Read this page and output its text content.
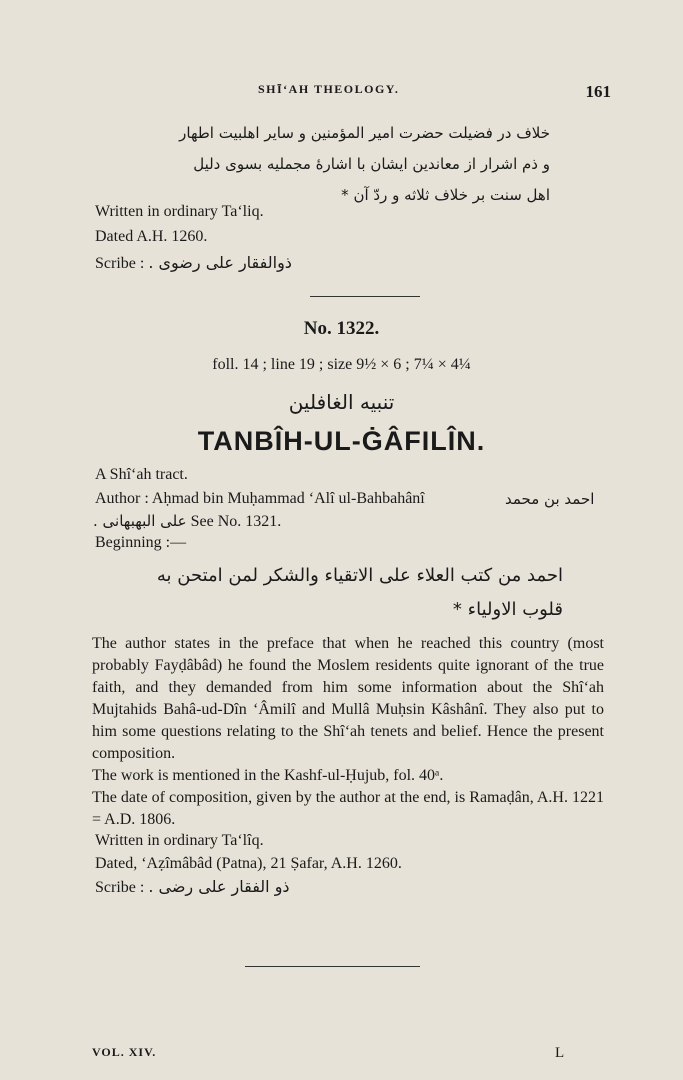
SHĪ‘AH THEOLOGY.	161
خلاف در فضیلت حضرت امیر المؤمنین و سایر اهلبیت اطهار
و ذم اشرار از معاندین ایشان با اشارهٔ مجملیه بسوی دلیل
اهل سنت بر خلاف ثلاثه و ردّ آن *
Written in ordinary Ta‘liq.
Dated A.H. 1260.
Scribe : ذوالفقار علی رضوی .
No. 1322.
foll. 14 ; line 19 ; size 9½ × 6 ; 7¼ × 4¼
تنبیه الغافلین
TANBÎH-UL-ĠÂFILÎN.
A Shî‘ah tract.
Author : Aḥmad bin Muḥammad ‘Alî ul-Bahbahânî	احمد بن محمد
علی البهبهانی . See No. 1321.
Beginning :—
احمد من کتب العلاء علی الاتقیاء والشکر لمن امتحن به
قلوب الاولیاء *

The author states in the preface that when he reached this country (most probably Fayḍâbâd) he found the Moslem residents quite ignorant of the true faith, and they demanded from him some information about the Shî‘ah Mujtahids Bahâ-ud-Dîn ‘Âmilî and Mullâ Muḥsin Kâshânî. They also put to him some questions relating to the Shî‘ah tenets and belief. Hence the present composition.

The work is mentioned in the Kashf-ul-Ḥujub, fol. 40ᵃ.

The date of composition, given by the author at the end, is Ramaḍân, A.H. 1221 = A.D. 1806.

Written in ordinary Ta‘lîq.
Dated, ‘Aẓîmâbâd (Patna), 21 Ṣafar, A.H. 1260.
Scribe : ذو الفقار علی رضی .
VOL. XIV.	L
